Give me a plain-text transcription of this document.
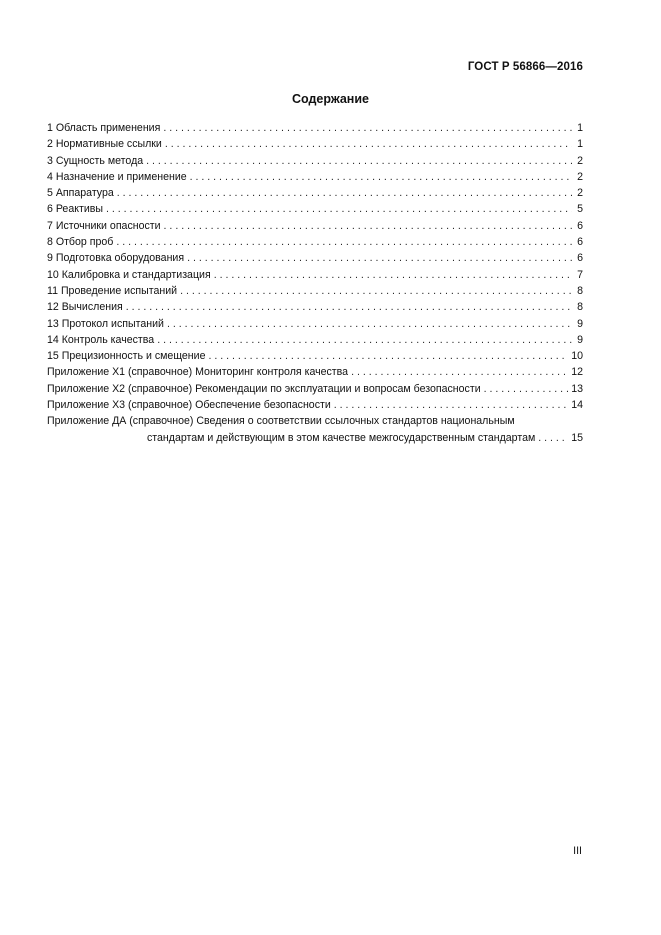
ГОСТ Р 56866—2016

Содержание
1 Область применения . . .	1
2 Нормативные ссылки . . .	1
3 Сущность метода . . .	2
4 Назначение и применение . . .	2
5 Аппаратура . . .	2
6 Реактивы . . .	5
7 Источники опасности . . .	6
8 Отбор проб . . .	6
9 Подготовка оборудования . . .	6
10 Калибровка и стандартизация . . .	7
11 Проведение испытаний . . .	8
12 Вычисления . . .	8
13 Протокол испытаний . . .	9
14 Контроль качества . . .	9
15 Прецизионность и смещение . . .	10
Приложение Х1 (справочное) Мониторинг контроля качества . . .	12
Приложение Х2 (справочное) Рекомендации по эксплуатации и вопросам безопасности . . .	13
Приложение Х3 (справочное) Обеспечение безопасности . . .	14
Приложение ДА (справочное) Сведения о соответствии ссылочных стандартов национальным
стандартам и действующим в этом качестве межгосударственным стандартам . . .	15

III
